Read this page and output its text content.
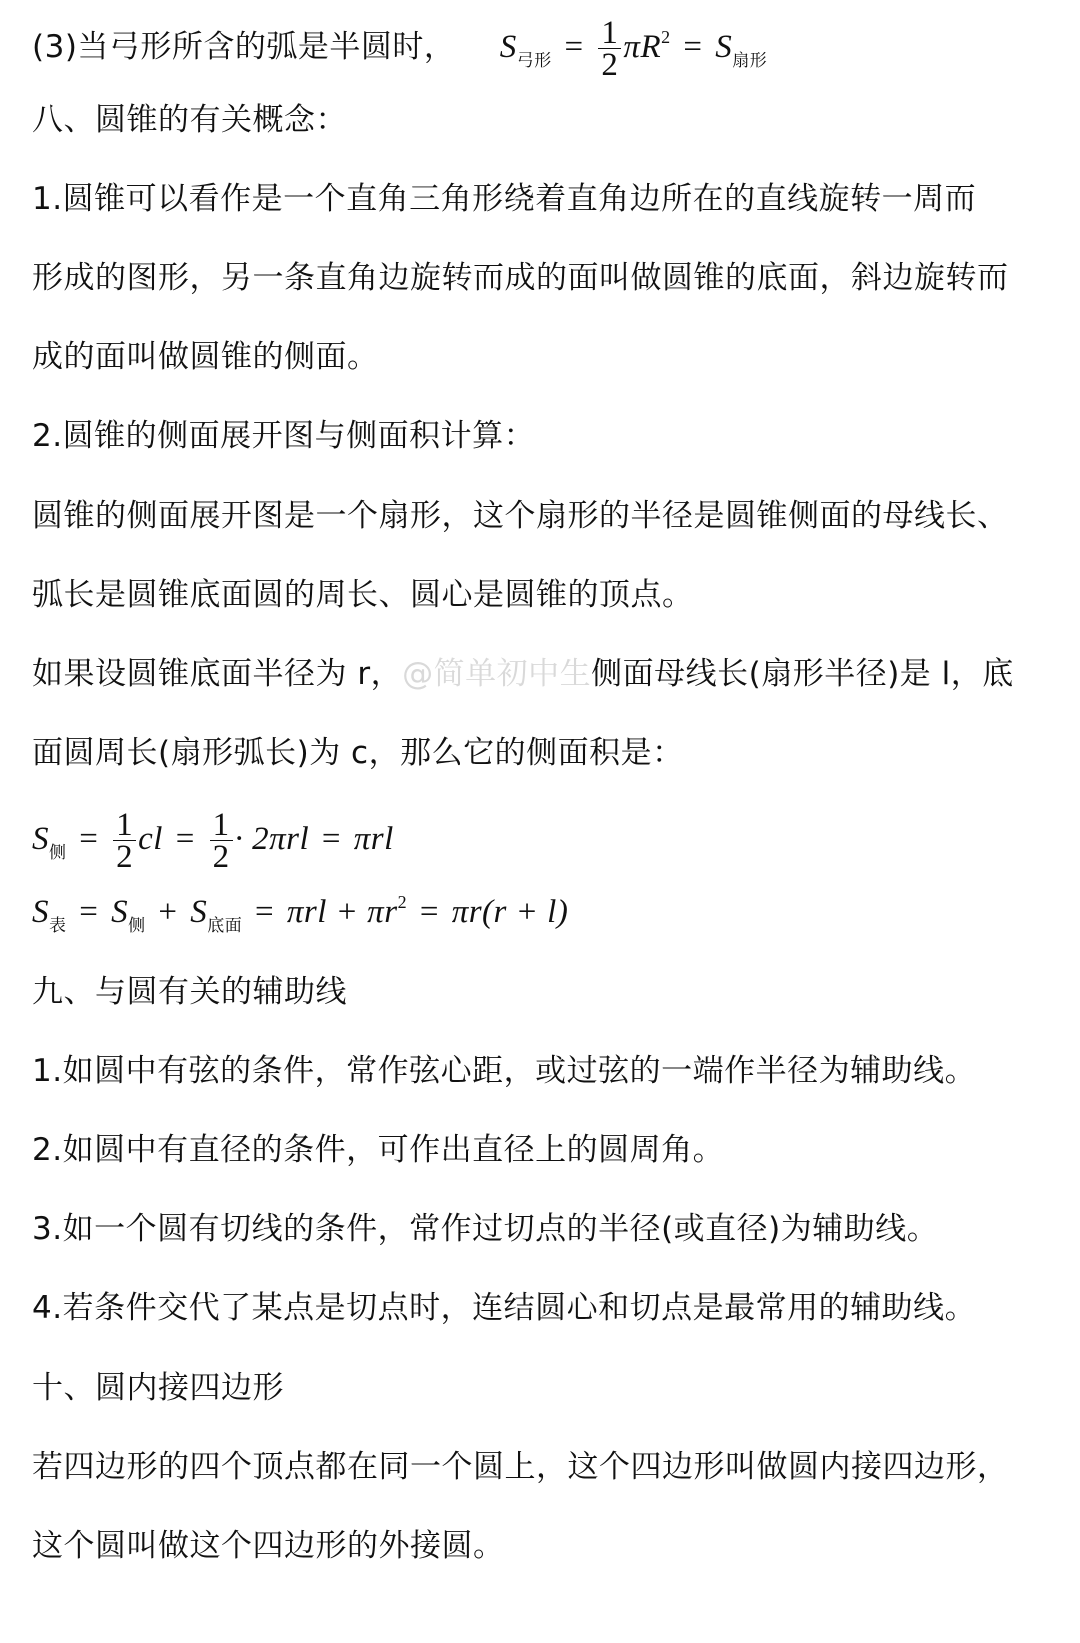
(3)当弓形所含的弧是半圆时， $S_{弓形} = \frac{1}{2} \pi R^2 = S_{扇形}$
八、圆锥的有关概念：
1.圆锥可以看作是一个直角三角形绕着直角边所在的直线旋转一周而
形成的图形，另一条直角边旋转而成的面叫做圆锥的底面，斜边旋转而
成的面叫做圆锥的侧面。
2.圆锥的侧面展开图与侧面积计算：
圆锥的侧面展开图是一个扇形，这个扇形的半径是圆锥侧面的母线长、
弧长是圆锥底面圆的周长、圆心是圆锥的顶点。
如果设圆锥底面半径为 r，@简单初中生侧面母线长(扇形半径)是 l，底
面圆周长(扇形弧长)为 c，那么它的侧面积是：
$S_侧 = \frac{1}{2}$ cl = $\frac{1}{2} \cdot 2\pi rl = \pi rl$
$S_表 = S_侧 + S_{底面} = \pi rl + \pi r^2 = \pi r(r + l)$
九、与圆有关的辅助线
1.如圆中有弦的条件，常作弦心距，或过弦的一端作半径为辅助线。
2.如圆中有直径的条件，可作出直径上的圆周角。
3.如一个圆有切线的条件，常作过切点的半径(或直径)为辅助线。
4.若条件交代了某点是切点时，连结圆心和切点是最常用的辅助线。
十、圆内接四边形
若四边形的四个顶点都在同一个圆上，这个四边形叫做圆内接四边形，
这个圆叫做这个四边形的外接圆。
